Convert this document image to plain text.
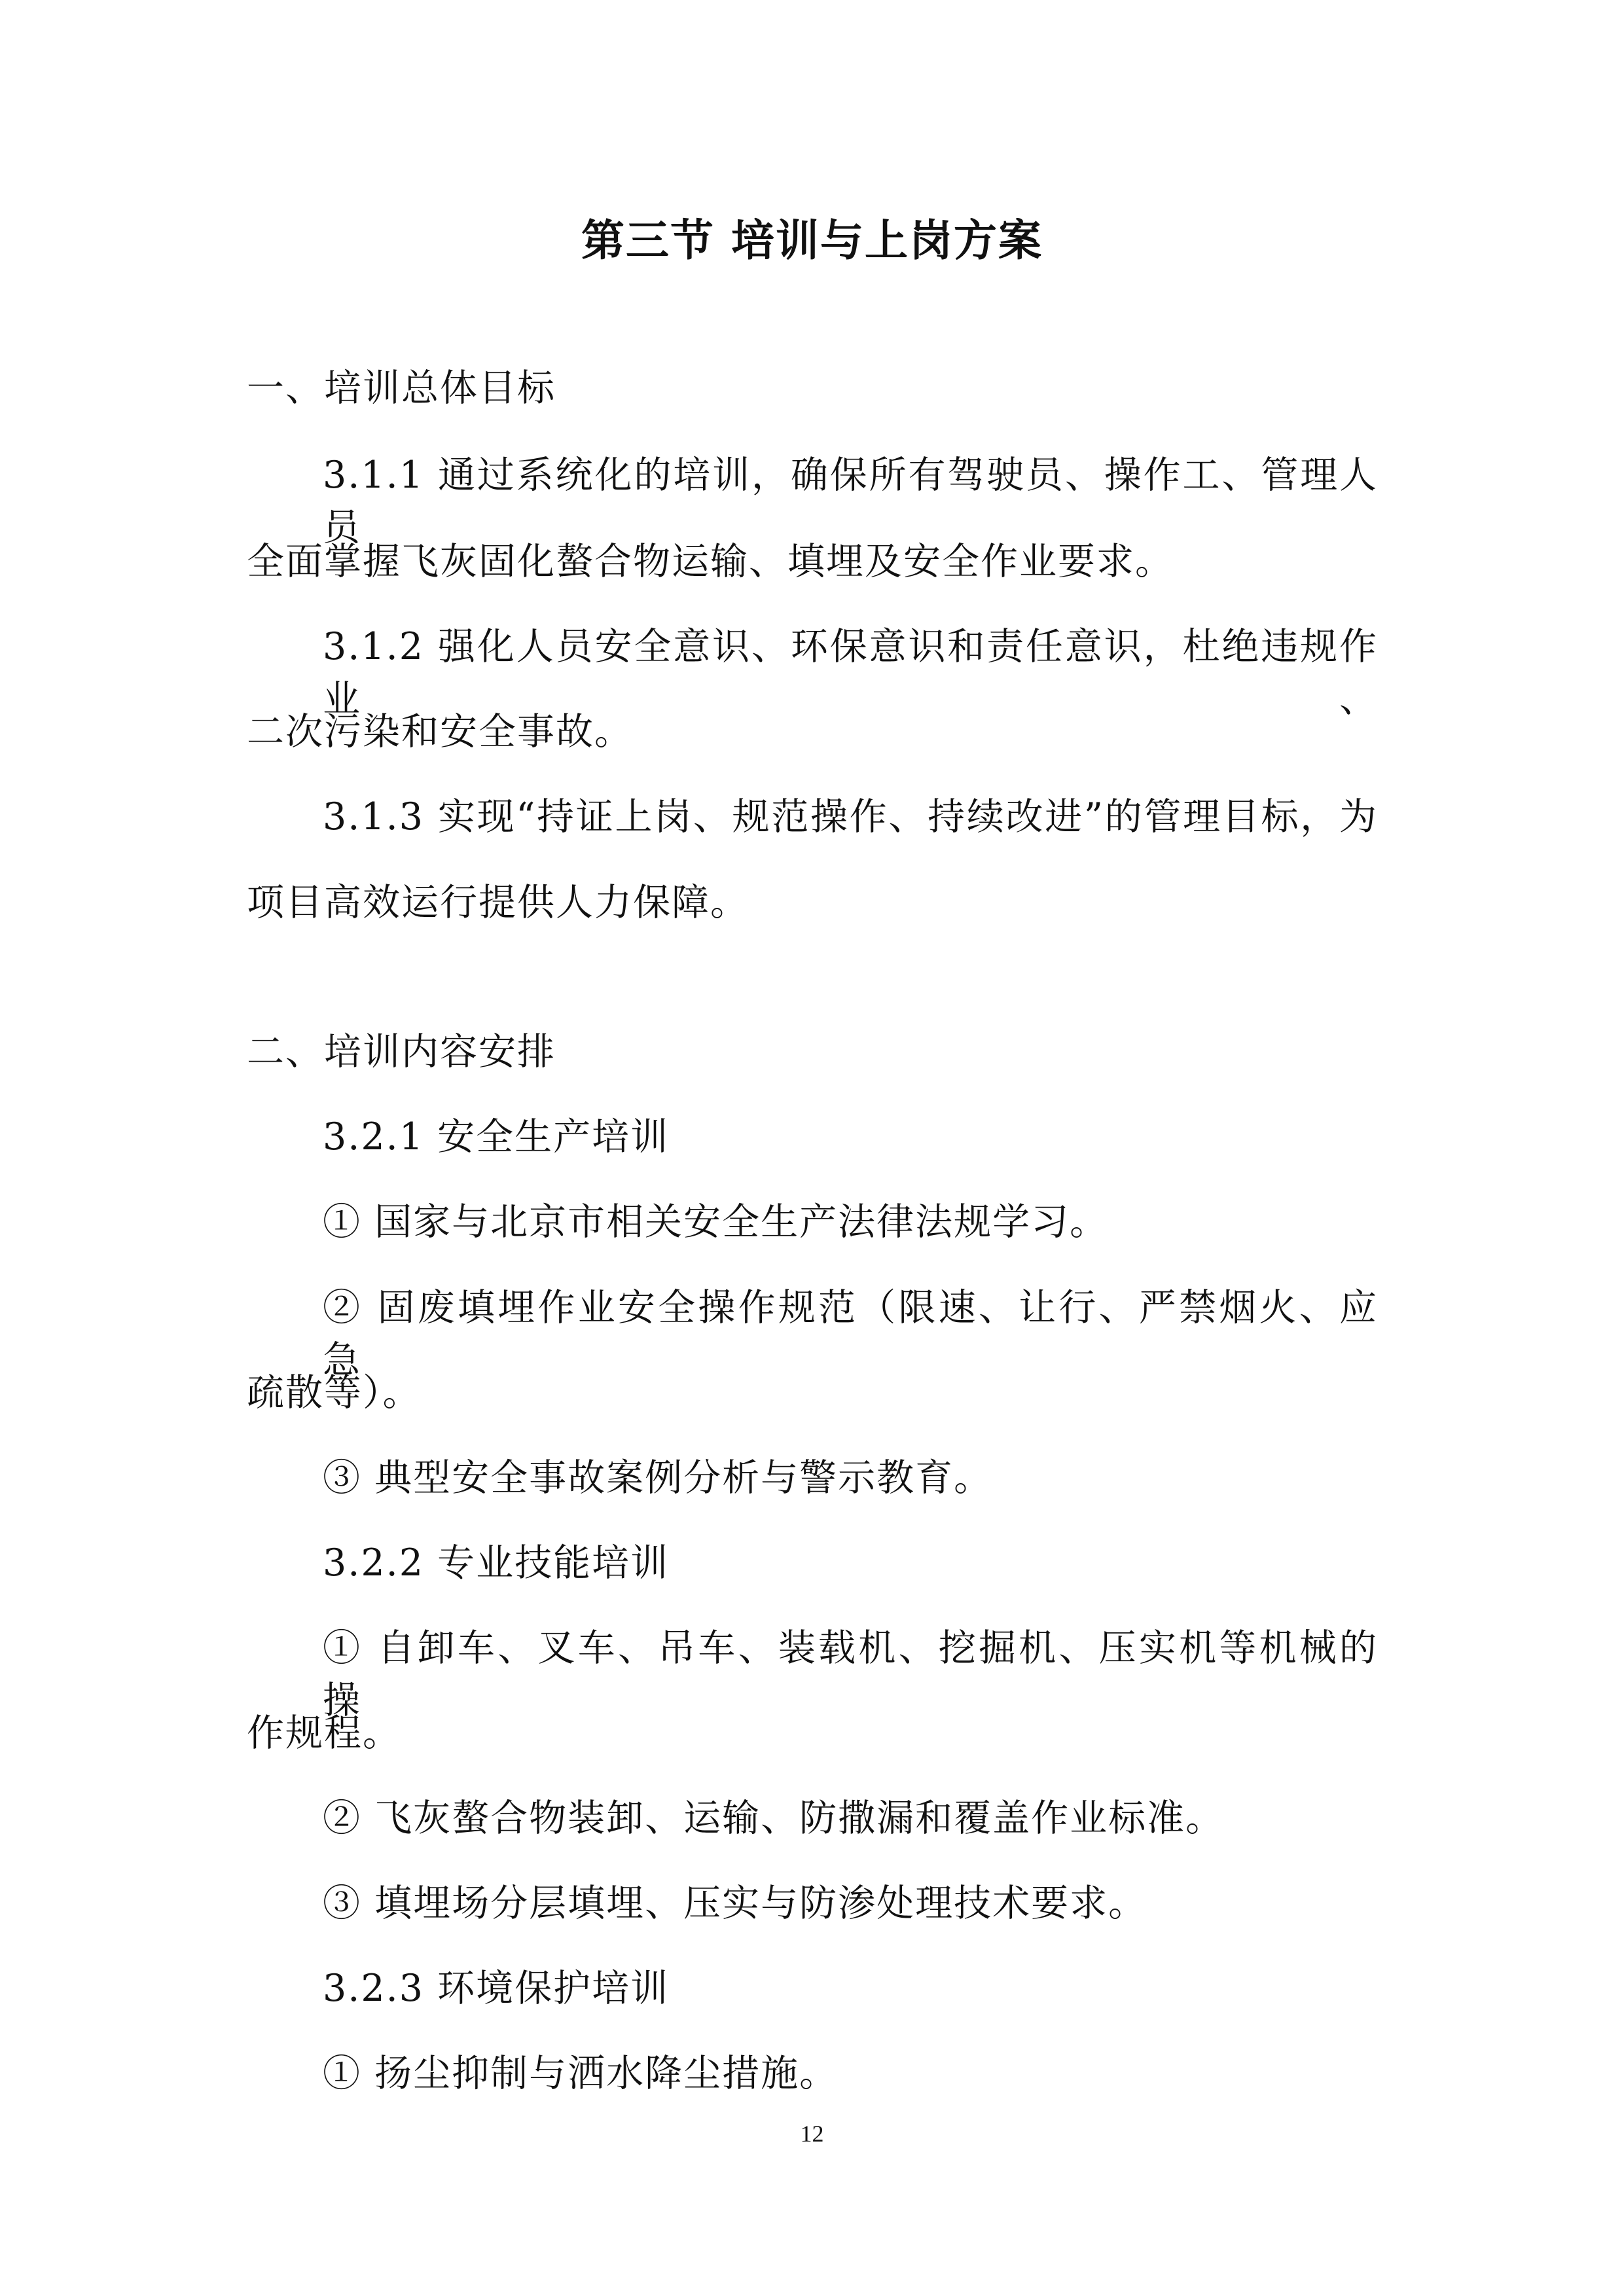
第三节 培训与上岗方案
一、培训总体目标
3.1.1 通过系统化的培训，确保所有驾驶员、操作工、管理人员
全面掌握飞灰固化螯合物运输、填埋及安全作业要求。
3.1.2 强化人员安全意识、环保意识和责任意识，杜绝违规作业、
二次污染和安全事故。
3.1.3 实现“持证上岗、规范操作、持续改进”的管理目标，为
项目高效运行提供人力保障。
二、培训内容安排
3.2.1 安全生产培训
① 国家与北京市相关安全生产法律法规学习。
② 固废填埋作业安全操作规范（限速、让行、严禁烟火、应急
疏散等）。
③ 典型安全事故案例分析与警示教育。
3.2.2 专业技能培训
① 自卸车、叉车、吊车、装载机、挖掘机、压实机等机械的操
作规程。
② 飞灰螯合物装卸、运输、防撒漏和覆盖作业标准。
③ 填埋场分层填埋、压实与防渗处理技术要求。
3.2.3 环境保护培训
① 扬尘抑制与洒水降尘措施。
12
